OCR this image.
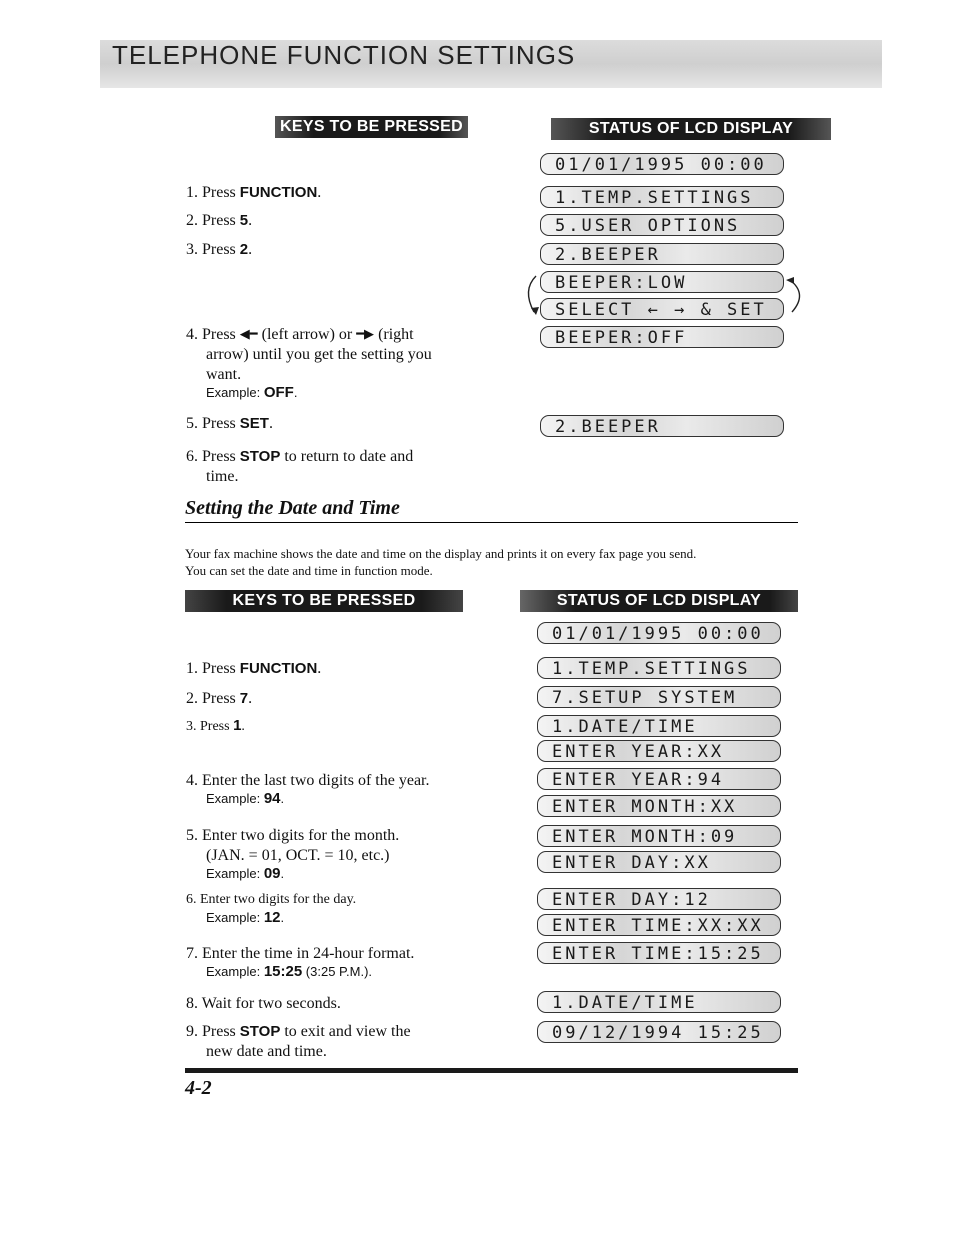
TELEPHONE FUNCTION SETTINGS
KEYS TO BE PRESSED	STATUS OF LCD DISPLAY
1. Press FUNCTION.
2. Press 5.
3. Press 2.
4. Press ◀━ (left arrow) or ━▶ (right
arrow) until you get the setting you
want.
Example: OFF.
5. Press SET.
6. Press STOP to return to date and
time.
01/01/1995 00:00
1.TEMP.SETTINGS
5.USER OPTIONS
2.BEEPER
BEEPER:LOW
SELECT ← → & SET
BEEPER:OFF
2.BEEPER
Setting the Date and Time
Your fax machine shows the date and time on the display and prints it on every fax page you send.
You can set the date and time in function mode.
KEYS TO BE PRESSED	STATUS OF LCD DISPLAY
1. Press FUNCTION.
2. Press 7.
3. Press 1.
4. Enter the last two digits of the year.
Example: 94.
5. Enter two digits for the month.
(JAN. = 01, OCT. = 10, etc.)
Example: 09.
6. Enter two digits for the day.
Example: 12.
7. Enter the time in 24-hour format.
Example: 15:25 (3:25 P.M.).
8. Wait for two seconds.
9. Press STOP to exit and view the
new date and time.
01/01/1995 00:00
1.TEMP.SETTINGS
7.SETUP SYSTEM
1.DATE/TIME
ENTER YEAR:XX
ENTER YEAR:94
ENTER MONTH:XX
ENTER MONTH:09
ENTER DAY:XX
ENTER DAY:12
ENTER TIME:XX:XX
ENTER TIME:15:25
1.DATE/TIME
09/12/1994 15:25
4-2
